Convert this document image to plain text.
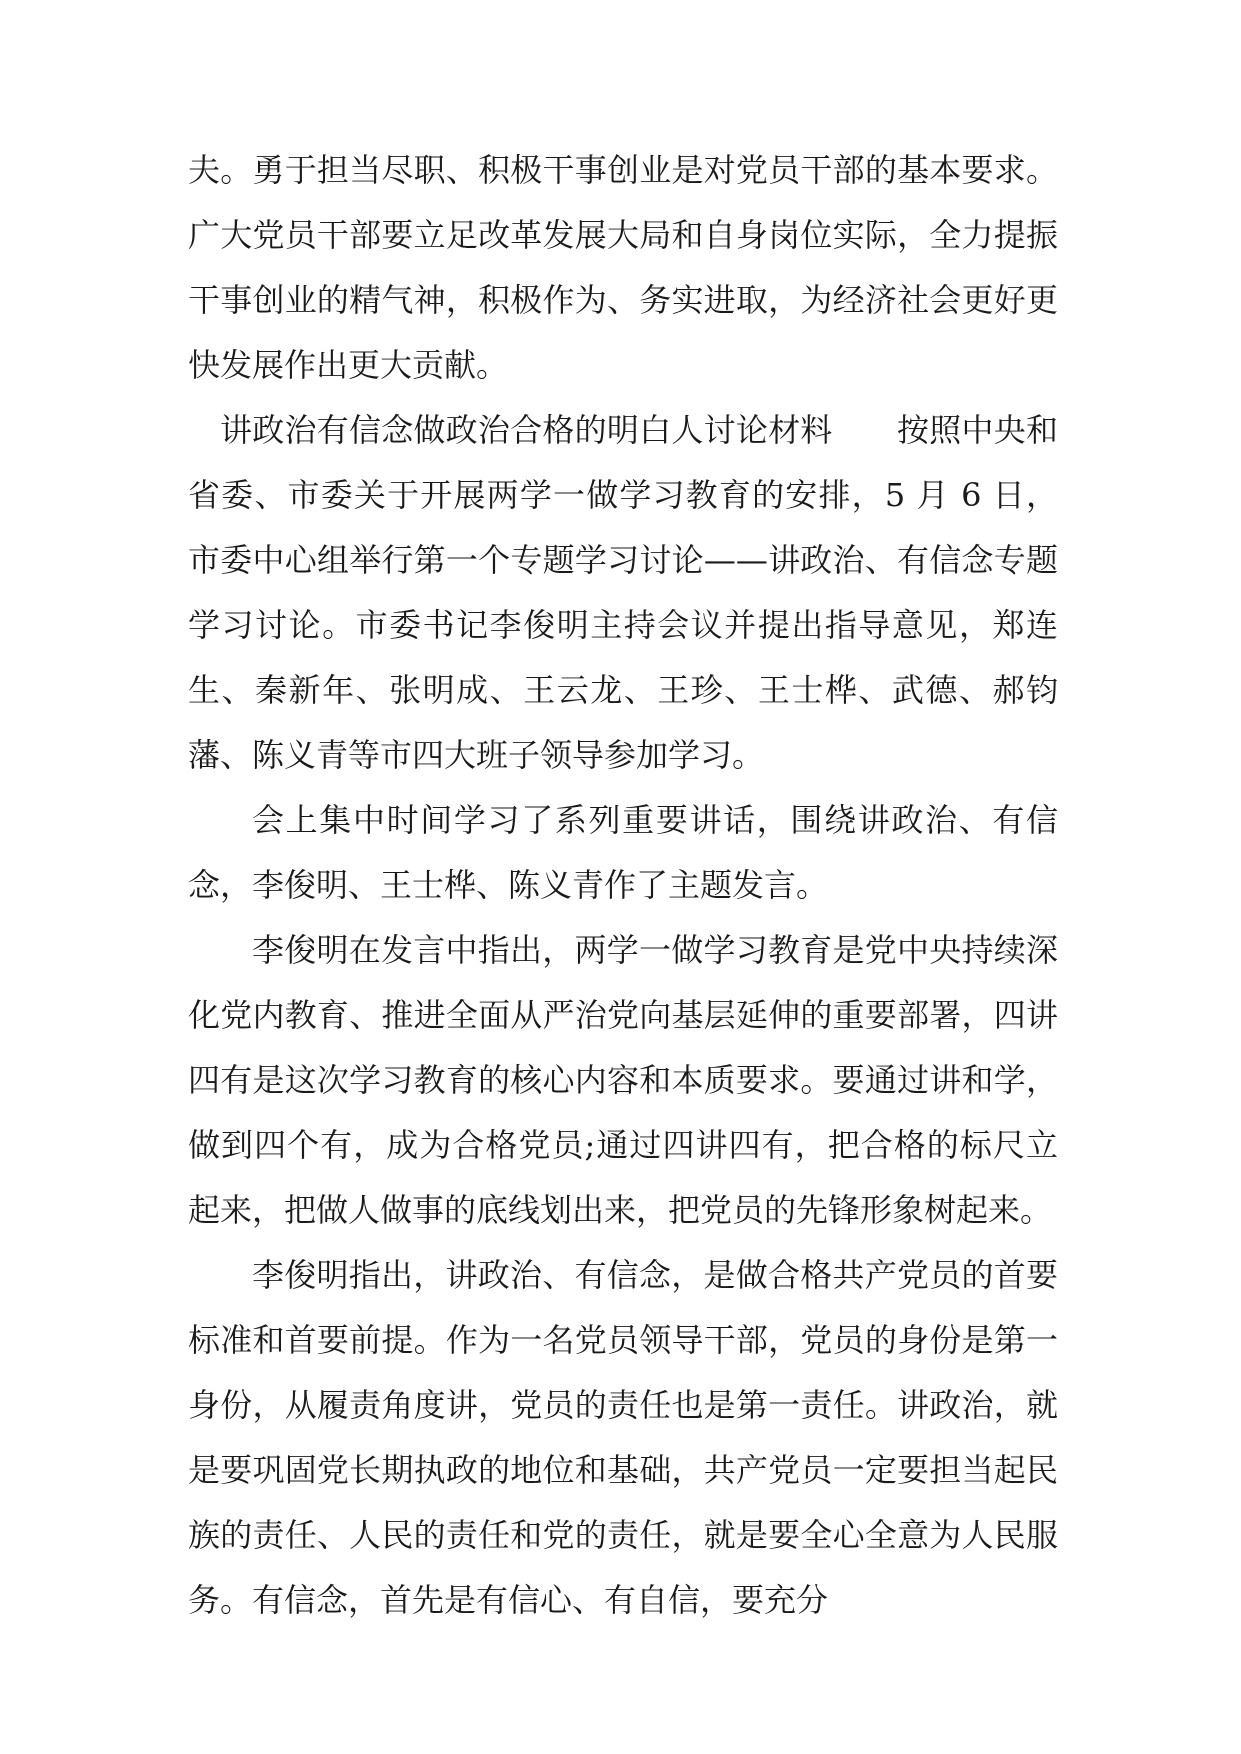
夫。勇于担当尽职、积极干事创业是对党员干部的基本要求。广大党员干部要立足改革发展大局和自身岗位实际，全力提振干事创业的精气神，积极作为、务实进取，为经济社会更好更快发展作出更大贡献。

讲政治有信念做政治合格的明白人讨论材料　　按照中央和省委、市委关于开展两学一做学习教育的安排，5 月 6 日，市委中心组举行第一个专题学习讨论——讲政治、有信念专题学习讨论。市委书记李俊明主持会议并提出指导意见，郑连生、秦新年、张明成、王云龙、王珍、王士桦、武德、郝钧藩、陈义青等市四大班子领导参加学习。

会上集中时间学习了系列重要讲话，围绕讲政治、有信念，李俊明、王士桦、陈义青作了主题发言。

李俊明在发言中指出，两学一做学习教育是党中央持续深化党内教育、推进全面从严治党向基层延伸的重要部署，四讲四有是这次学习教育的核心内容和本质要求。要通过讲和学，做到四个有，成为合格党员;通过四讲四有，把合格的标尺立起来，把做人做事的底线划出来，把党员的先锋形象树起来。

李俊明指出，讲政治、有信念，是做合格共产党员的首要标准和首要前提。作为一名党员领导干部，党员的身份是第一身份，从履责角度讲，党员的责任也是第一责任。讲政治，就是要巩固党长期执政的地位和基础，共产党员一定要担当起民族的责任、人民的责任和党的责任，就是要全心全意为人民服务。有信念，首先是有信心、有自信，要充分
